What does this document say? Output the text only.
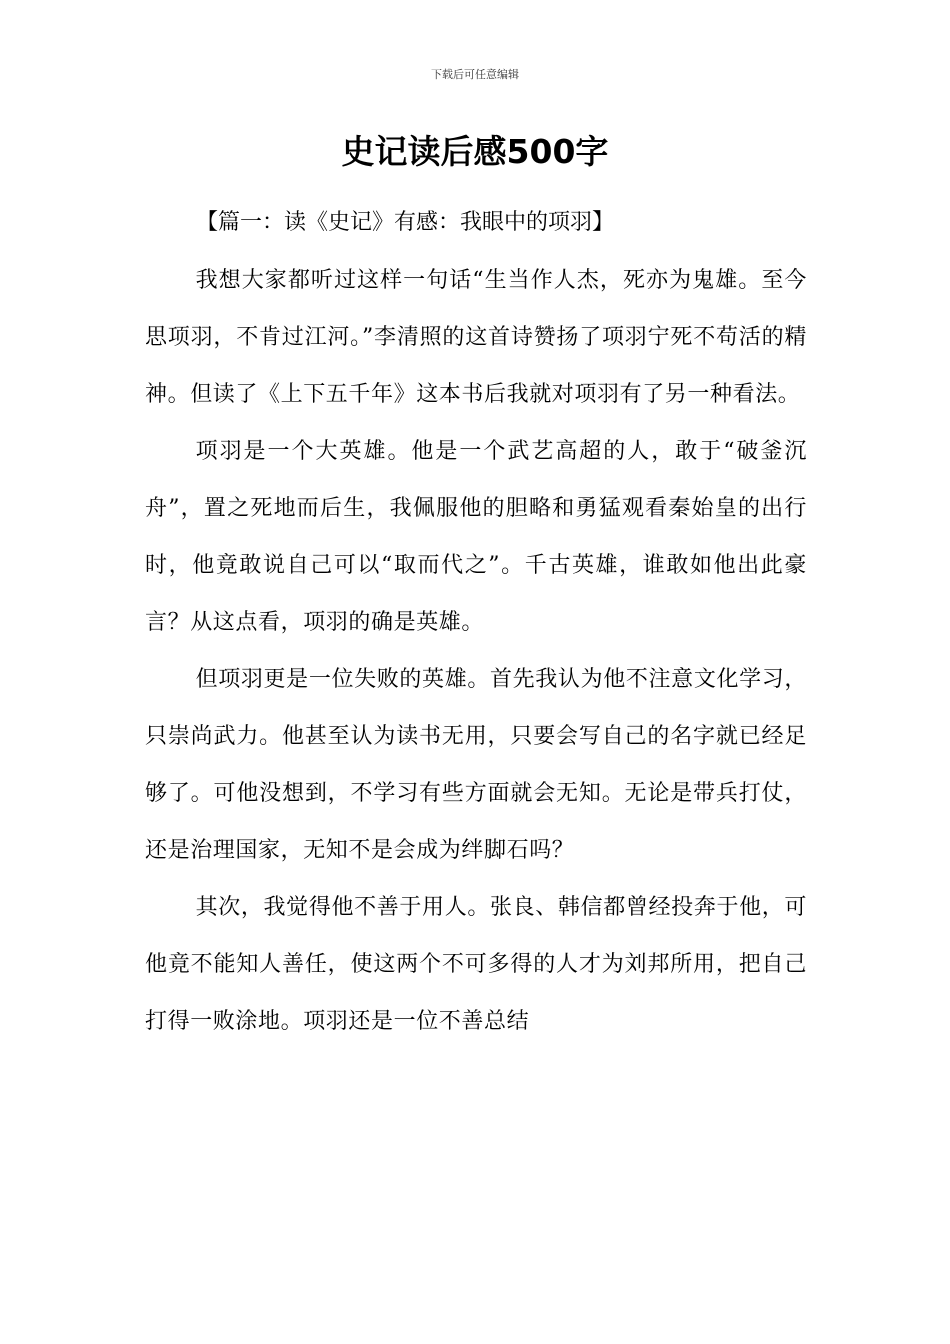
下载后可任意编辑
史记读后感500字
【篇一：读《史记》有感：我眼中的项羽】

我想大家都听过这样一句话“生当作人杰，死亦为鬼雄。至今思项羽，不肯过江河。”李清照的这首诗赞扬了项羽宁死不苟活的精神。但读了《上下五千年》这本书后我就对项羽有了另一种看法。

项羽是一个大英雄。他是一个武艺高超的人，敢于“破釜沉舟”，置之死地而后生，我佩服他的胆略和勇猛观看秦始皇的出行时，他竟敢说自己可以“取而代之”。千古英雄，谁敢如他出此豪言？从这点看，项羽的确是英雄。

但项羽更是一位失败的英雄。首先我认为他不注意文化学习，只崇尚武力。他甚至认为读书无用，只要会写自己的名字就已经足够了。可他没想到，不学习有些方面就会无知。无论是带兵打仗，还是治理国家，无知不是会成为绊脚石吗？

其次，我觉得他不善于用人。张良、韩信都曾经投奔于他，可他竟不能知人善任，使这两个不可多得的人才为刘邦所用，把自己打得一败涂地。项羽还是一位不善总结
